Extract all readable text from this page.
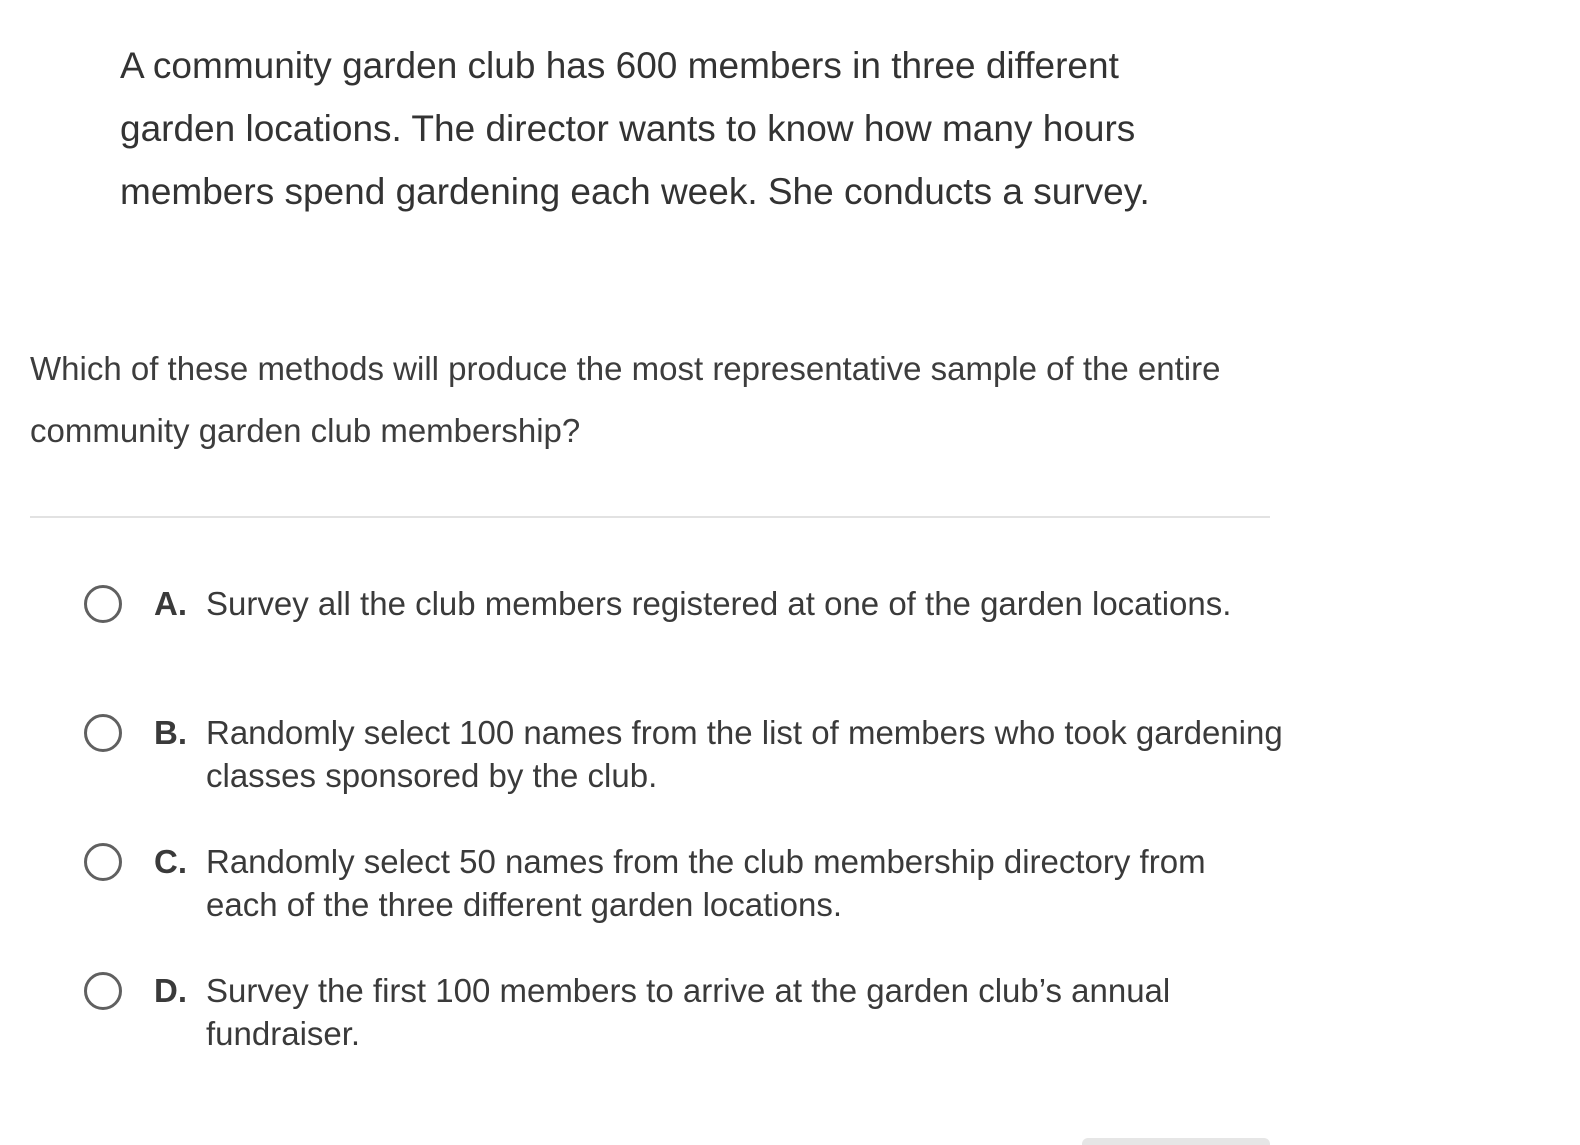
A community garden club has 600 members in three different garden locations. The director wants to know how many hours members spend gardening each week. She conducts a survey.
Which of these methods will produce the most representative sample of the entire community garden club membership?
A. Survey all the club members registered at one of the garden locations.
B. Randomly select 100 names from the list of members who took gardening classes sponsored by the club.
C. Randomly select 50 names from the club membership directory from each of the three different garden locations.
D. Survey the first 100 members to arrive at the garden club’s annual fundraiser.
